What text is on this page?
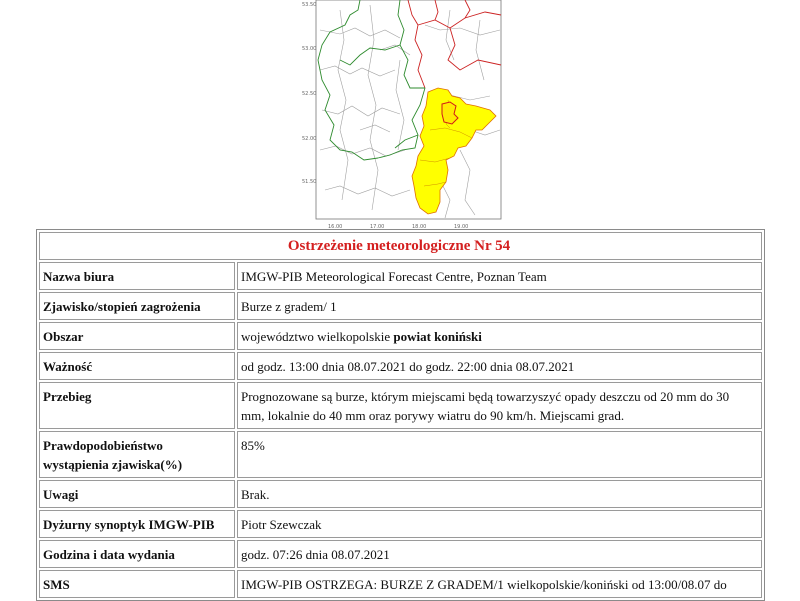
53.50
53.00
52.50
52.00
51.50
16.00	17.00	18.00	19.00
Ostrzeżenie meteorologiczne Nr 54	
Nazwa biura	IMGW-PIB Meteorological Forecast Centre, Poznan Team
Zjawisko/stopień zagrożenia	Burze z gradem/ 1
Obszar	województwo wielkopolskie powiat koniński
Ważność	od godz. 13:00 dnia 08.07.2021 do godz. 22:00 dnia 08.07.2021
Przebieg	Prognozowane są burze, którym miejscami będą towarzyszyć opady deszczu od 20 mm do 30 mm, lokalnie do 40 mm oraz porywy wiatru do 90 km/h. Miejscami grad.
Prawdopodobieństwo wystąpienia zjawiska(%)	85%
Uwagi	Brak.
Dyżurny synoptyk IMGW-PIB	Piotr Szewczak
Godzina i data wydania	godz. 07:26 dnia 08.07.2021
SMS	IMGW-PIB OSTRZEGA: BURZE Z GRADEM/1 wielkopolskie/koniński od 13:00/08.07 do
